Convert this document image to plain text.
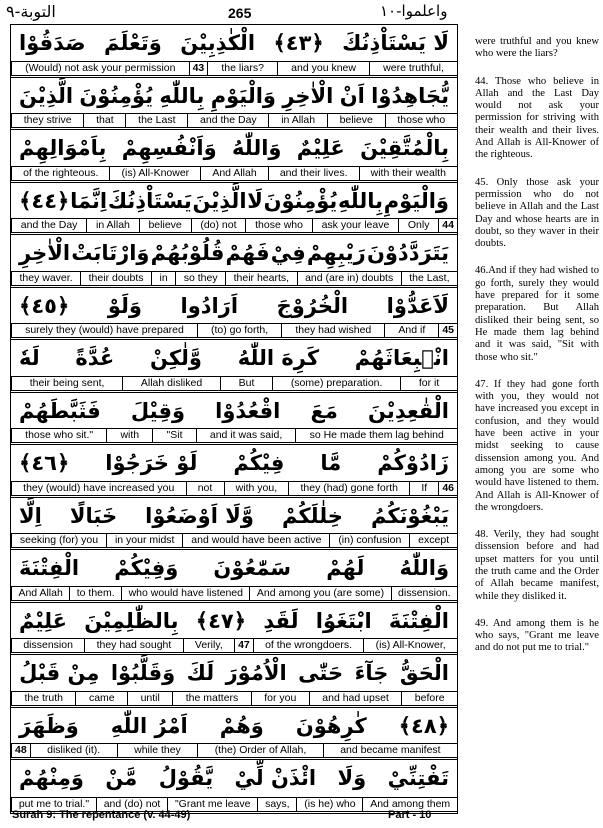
التوبة-٩	265	واعلموا-١٠
صَدَقُوْا وَتَعْلَمَ الْكٰذِبِيْنَ ﴿٤٣﴾ لَا يَسْتَاْذِنُكَ
(Would) not ask your permission	43	the liars?	and you knew	were truthful,
الَّذِيْنَ يُؤْمِنُوْنَ بِاللّٰهِ وَالْيَوْمِ الْاٰخِرِ اَنْ يُّجَاهِدُوْا
they strive	that	the Last	and the Day	in Allah	believe	those who
بِاَمْوَالِهِمْ وَاَنْفُسِهِمْ وَاللّٰهُ عَلِيْمٌ بِالْمُتَّقِيْنَ
of the righteous.	(is) All-Knower	And Allah	and their lives.	with their wealth
﴿٤٤﴾ اِنَّمَا يَسْتَاْذِنُكَ الَّذِيْنَ لَا يُؤْمِنُوْنَ بِاللّٰهِ وَالْيَوْمِ
and the Day	in Allah	believe	(do) not	those who	ask your leave	Only	44
الْاٰخِرِ وَارْتَابَتْ قُلُوْبُهُمْ فَهُمْ فِيْ رَيْبِهِمْ يَتَرَدَّدُوْنَ
they waver.	their doubts	in	so they	their hearts,	and (are in) doubts	the Last,
﴿٤٥﴾ وَلَوْ اَرَادُوا الْخُرُوْجَ لَاَعَدُّوْا
surely they (would) have prepared	(to) go forth,	they had wished	And if	45
لَهٗ عُدَّةً وَّلٰكِنْ كَرِهَ اللّٰهُ انْۢبِعَاثَهُمْ
their being sent,	Allah disliked	But	(some) preparation.	for it
فَثَبَّطَهُمْ وَقِيْلَ اقْعُدُوْا مَعَ الْقٰعِدِيْنَ
those who sit."	with	"Sit	and it was said,	so He made them lag behind
﴿٤٦﴾ لَوْ خَرَجُوْا فِيْكُمْ مَّا زَادُوْكُمْ
they (would) have increased you	not	with you,	they (had) gone forth	If	46
اِلَّا خَبَالًا وَّلَا اَوْضَعُوْا خِلٰلَكُمْ يَبْغُوْنَكُمُ
seeking (for) you	in your midst	and would have been active	(in) confusion	except
الْفِتْنَةَ وَفِيْكُمْ سَمّٰعُوْنَ لَهُمْ وَاللّٰهُ
And Allah	to them.	who would have listened	And among you (are some)	dissension.
عَلِيْمٌ بِالظّٰلِمِيْنَ ﴿٤٧﴾ لَقَدِ ابْتَغَوُا الْفِتْنَةَ
dissension	they had sought	Verily,	47	of the wrongdoers.	(is) All-Knower,
مِنْ قَبْلُ وَقَلَّبُوْا لَكَ الْاُمُوْرَ حَتّٰى جَآءَ الْحَقُّ
the truth	came	until	the matters	for you	and had upset	before
وَظَهَرَ اَمْرُ اللّٰهِ وَهُمْ كٰرِهُوْنَ ﴿٤٨﴾
48	disliked (it).	while they	(the) Order of Allah,	and became manifest
وَمِنْهُمْ مَّنْ يَّقُوْلُ ائْذَنْ لِّيْ وَلَا تَفْتِنِّيْ
put me to trial."	and (do) not	"Grant me leave	says,	(is he) who	And among them

were truthful and you knew who were the liars?

44. Those who believe in Allah and the Last Day would not ask your permission for striving with their wealth and their lives. And Allah is All-Knower of the righteous.

45. Only those ask your permission who do not believe in Allah and the Last Day and whose hearts are in doubt, so they waver in their doubts.

46.And if they had wished to go forth, surely they would have prepared for it some preparation. But Allah disliked their being sent, so He made them lag behind and it was said, "Sit with those who sit."

47. If they had gone forth with you, they would not have increased you except in confusion, and they would have been active in your midst seeking to cause dissension among you. And among you are some who would have listened to them. And Allah is All-Knower of the wrongdoers.

48. Verily, they had sought dissension before and had upset matters for you until the truth came and the Order of Allah became manifest, while they disliked it.

49. And among them is he who says, "Grant me leave and do not put me to trial."

Surah 9: The repentance (v. 44-49)	Part - 10
